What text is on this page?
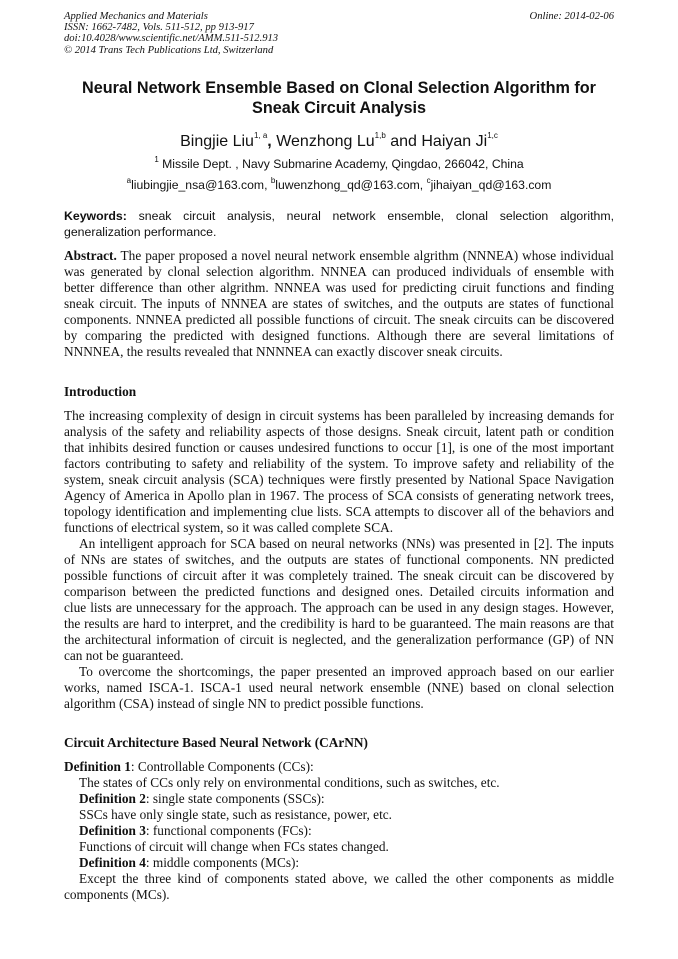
Applied Mechanics and Materials
ISSN: 1662-7482, Vols. 511-512, pp 913-917
doi:10.4028/www.scientific.net/AMM.511-512.913
© 2014 Trans Tech Publications Ltd, Switzerland
Online: 2014-02-06
Neural Network Ensemble Based on Clonal Selection Algorithm for
Sneak Circuit Analysis
Bingjie Liu$^{1, a}$, Wenzhong Lu$^{1,b}$ and Haiyan Ji$^{1,c}$
$^1$ Missile Dept. , Navy Submarine Academy, Qingdao, 266042, China
$^a$liubingjie_nsa@163.com, $^b$luwenzhong_qd@163.com, $^c$jihaiyan_qd@163.com
Keywords: sneak circuit analysis, neural network ensemble, clonal selection algorithm,
generalization performance.
Abstract. The paper proposed a novel neural network ensemble algrithm (NNNEA) whose individual
was generated by clonal selection algorithm. NNNEA can produced individuals of ensemble with
better difference than other algrithm. NNNEA was used for predicting ciruit functions and finding
sneak circuit. The inputs of NNNEA are states of switches, and the outputs are states of functional
components. NNNEA predicted all possible functions of circuit. The sneak circuits can be discovered
by comparing the predicted with designed functions. Although there are several limitations of
NNNNEA, the results revealed that NNNNEA can exactly discover sneak circuits.
Introduction
The increasing complexity of design in circuit systems has been paralleled by increasing demands for
analysis of the safety and reliability aspects of those designs. Sneak circuit, latent path or condition
that inhibits desired function or causes undesired functions to occur [1], is one of the most important
factors contributing to safety and reliability of the system. To improve safety and reliability of the
system, sneak circuit analysis (SCA) techniques were firstly presented by National Space Navigation
Agency of America in Apollo plan in 1967. The process of SCA consists of generating network trees,
topology identification and implementing clue lists. SCA attempts to discover all of the behaviors and
functions of electrical system, so it was called complete SCA.
An intelligent approach for SCA based on neural networks (NNs) was presented in [2]. The inputs
of NNs are states of switches, and the outputs are states of functional components. NN predicted
possible functions of circuit after it was completely trained. The sneak circuit can be discovered by
comparison between the predicted functions and designed ones. Detailed circuits information and
clue lists are unnecessary for the approach. The approach can be used in any design stages. However,
the results are hard to interpret, and the credibility is hard to be guaranteed. The main reasons are that
the architectural information of circuit is neglected, and the generalization performance (GP) of NN
can not be guaranteed.
To overcome the shortcomings, the paper presented an improved approach based on our earlier
works, named ISCA-1. ISCA-1 used neural network ensemble (NNE) based on clonal selection
algorithm (CSA) instead of single NN to predict possible functions.
Circuit Architecture Based Neural Network (CArNN)
Definition 1: Controllable Components (CCs):
The states of CCs only rely on environmental conditions, such as switches, etc.
Definition 2: single state components (SSCs):
SSCs have only single state, such as resistance, power, etc.
Definition 3: functional components (FCs):
Functions of circuit will change when FCs states changed.
Definition 4: middle components (MCs):
Except the three kind of components stated above, we called the other components as middle
components (MCs).
